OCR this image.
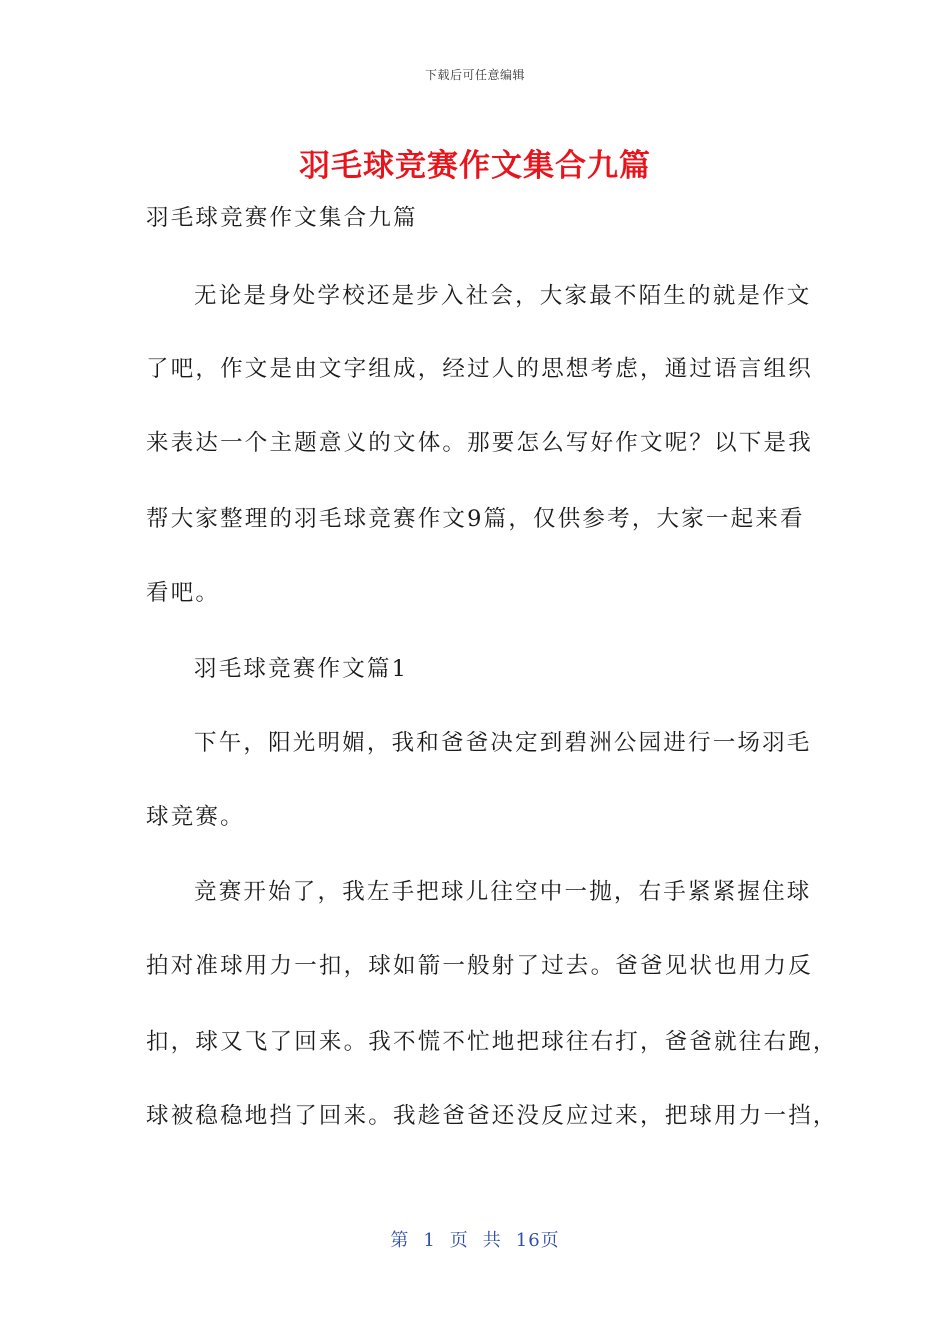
下载后可任意编辑
羽毛球竞赛作文集合九篇
羽毛球竞赛作文集合九篇
无论是身处学校还是步入社会，大家最不陌生的就是作文
了吧，作文是由文字组成，经过人的思想考虑，通过语言组织
来表达一个主题意义的文体。那要怎么写好作文呢？以下是我
帮大家整理的羽毛球竞赛作文9篇，仅供参考，大家一起来看
看吧。
羽毛球竞赛作文篇1
下午，阳光明媚，我和爸爸决定到碧洲公园进行一场羽毛
球竞赛。
竞赛开始了，我左手把球儿往空中一抛，右手紧紧握住球
拍对准球用力一扣，球如箭一般射了过去。爸爸见状也用力反
扣，球又飞了回来。我不慌不忙地把球往右打，爸爸就往右跑，
球被稳稳地挡了回来。我趁爸爸还没反应过来，把球用力一挡，
第 1 页 共 16页
